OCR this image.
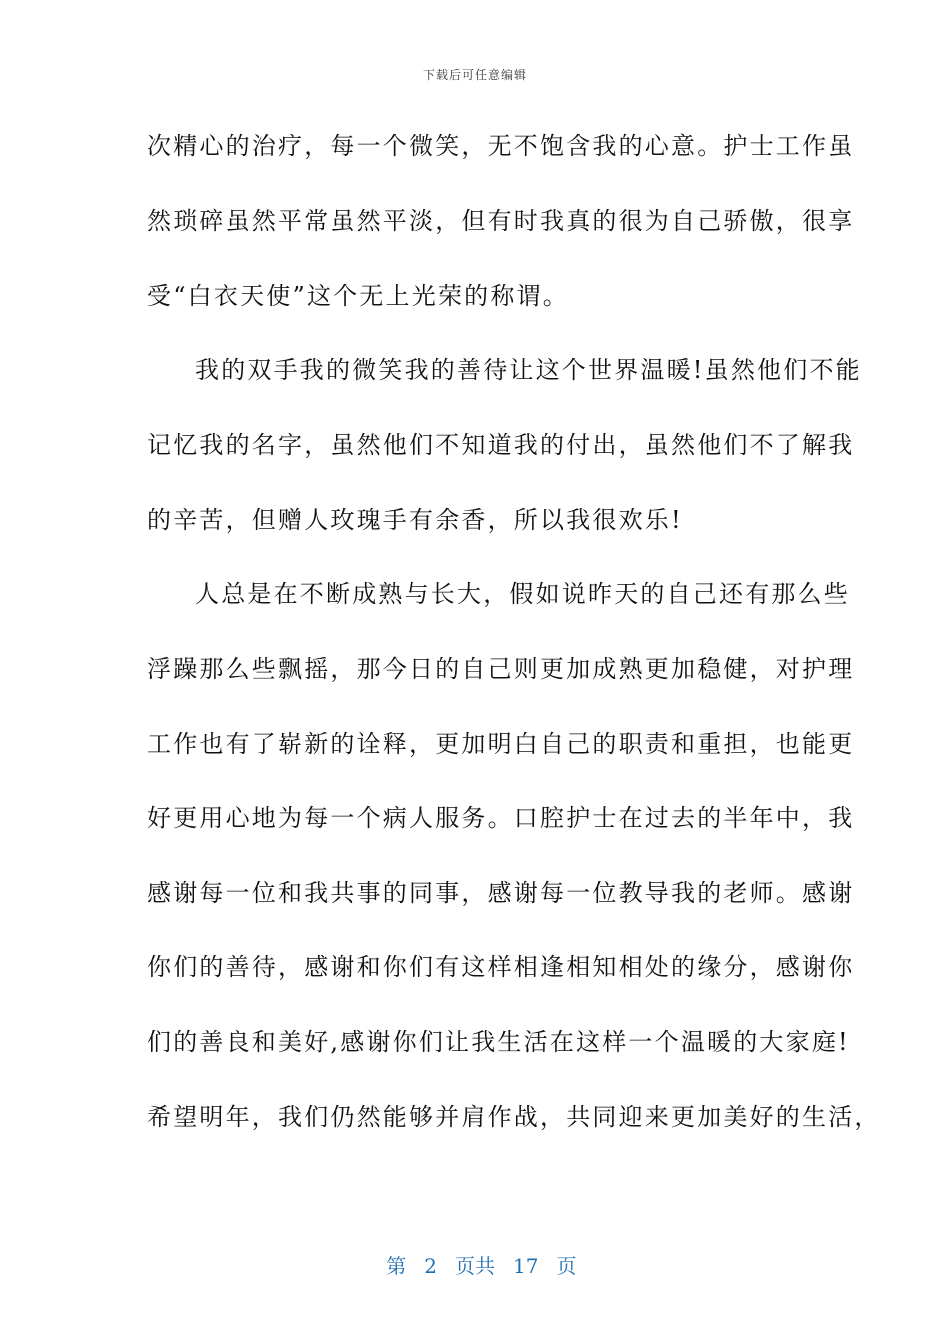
下载后可任意编辑
次精心的治疗，每一个微笑，无不饱含我的心意。护士工作虽
然琐碎虽然平常虽然平淡，但有时我真的很为自己骄傲，很享
受“白衣天使”这个无上光荣的称谓。
我的双手我的微笑我的善待让这个世界温暖!虽然他们不能
记忆我的名字，虽然他们不知道我的付出，虽然他们不了解我
的辛苦，但赠人玫瑰手有余香，所以我很欢乐!
人总是在不断成熟与长大，假如说昨天的自己还有那么些
浮躁那么些飘摇，那今日的自己则更加成熟更加稳健，对护理
工作也有了崭新的诠释，更加明白自己的职责和重担，也能更
好更用心地为每一个病人服务。口腔护士在过去的半年中，我
感谢每一位和我共事的同事，感谢每一位教导我的老师。感谢
你们的善待，感谢和你们有这样相逢相知相处的缘分，感谢你
们的善良和美好,感谢你们让我生活在这样一个温暖的大家庭!
希望明年，我们仍然能够并肩作战，共同迎来更加美好的生活，

第 2 页共 17 页
